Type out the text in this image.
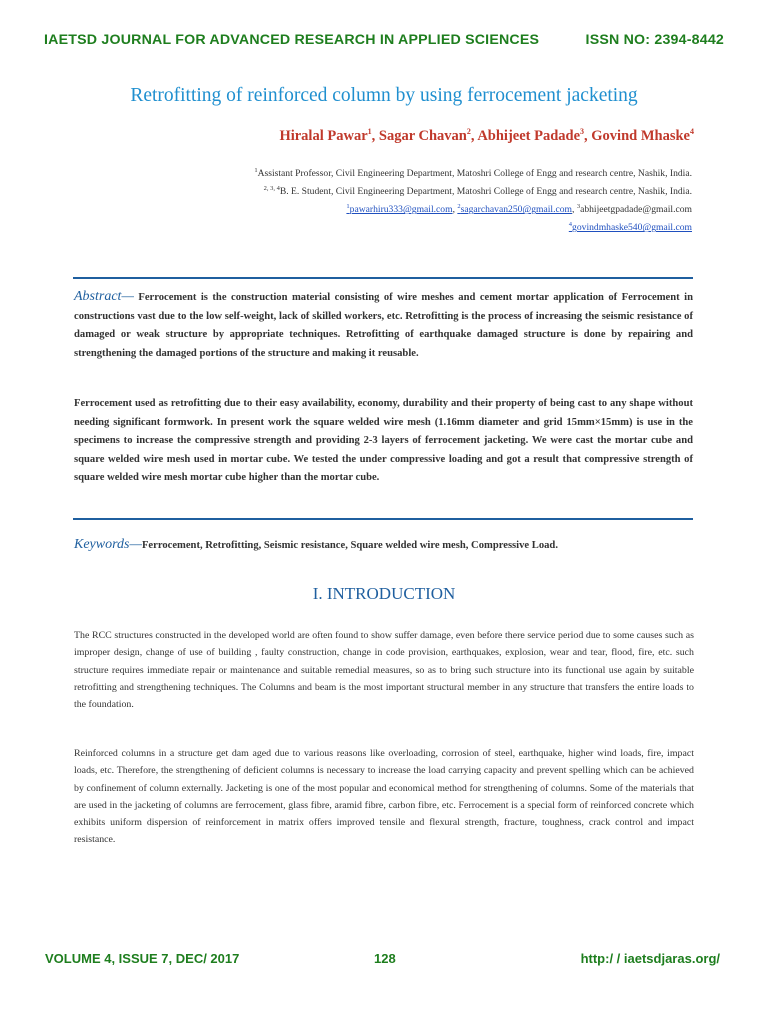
IAETSD JOURNAL FOR ADVANCED RESEARCH IN APPLIED SCIENCES	ISSN NO: 2394-8442
Retrofitting of reinforced column by using ferrocement jacketing
Hiralal Pawar$^1$, Sagar Chavan$^2$, Abhijeet Padade$^3$, Govind Mhaske$^4$
$^1$Assistant Professor, Civil Engineering Department, Matoshri College of Engg and research centre, Nashik, India.
$^{2, 3, 4}$B. E. Student, Civil Engineering Department, Matoshri College of Engg and research centre, Nashik, India.
$^1$pawarhiru333@gmail.com, $^2$sagarchavan250@gmail.com, $^3$abhijeetgpadade@gmail.com
$^4$govindmhaske540@gmail.com

Abstract— Ferrocement is the construction material consisting of wire meshes and cement mortar application of Ferrocement in constructions vast due to the low self-weight, lack of skilled workers, etc. Retrofitting is the process of increasing the seismic resistance of damaged or weak structure by appropriate techniques. Retrofitting of earthquake damaged structure is done by repairing and strengthening the damaged portions of the structure and making it reusable.

Ferrocement used as retrofitting due to their easy availability, economy, durability and their property of being cast to any shape without needing significant formwork. In present work the square welded wire mesh (1.16mm diameter and grid 15mm×15mm) is use in the specimens to increase the compressive strength and providing 2-3 layers of ferrocement jacketing. We were cast the mortar cube and square welded wire mesh used in mortar cube. We tested the under compressive loading and got a result that compressive strength of square welded wire mesh mortar cube higher than the mortar cube.

Keywords—Ferrocement, Retrofitting, Seismic resistance, Square welded wire mesh, Compressive Load.
I. INTRODUCTION

The RCC structures constructed in the developed world are often found to show suffer damage, even before there service period due to some causes such as improper design, change of use of building , faulty construction, change in code provision, earthquakes, explosion, wear and tear, flood, fire, etc. such structure requires immediate repair or maintenance and suitable remedial measures, so as to bring such structure into its functional use again by suitable retrofitting and strengthening techniques. The Columns and beam is the most important structural member in any structure that transfers the entire loads to the foundation.

Reinforced columns in a structure get dam aged due to various reasons like overloading, corrosion of steel, earthquake, higher wind loads, fire, impact loads, etc. Therefore, the strengthening of deficient columns is necessary to increase the load carrying capacity and prevent spelling which can be achieved by confinement of column externally. Jacketing is one of the most popular and economical method for strengthening of columns. Some of the materials that are used in the jacketing of columns are ferrocement, glass fibre, aramid fibre, carbon fibre, etc. Ferrocement is a special form of reinforced concrete which exhibits uniform dispersion of reinforcement in matrix offers improved tensile and flexural strength, fracture, toughness, crack control and impact resistance.

VOLUME 4, ISSUE 7, DEC/ 2017	128	http:/ / iaetsdjaras.org/
